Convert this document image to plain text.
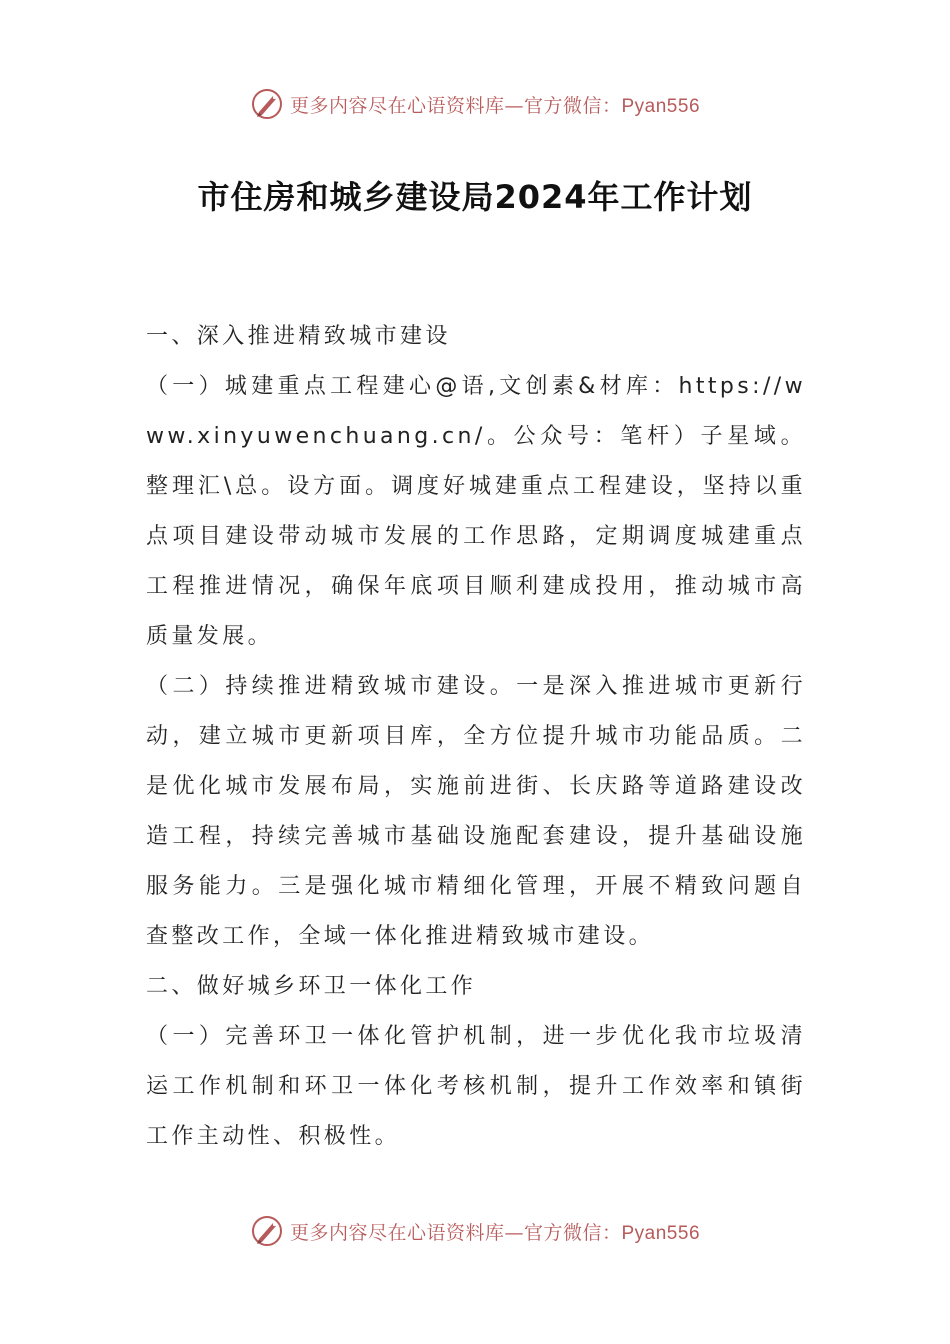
更多内容尽在心语资料库—官方微信：Pyan556
市住房和城乡建设局2024年工作计划

一、深入推进精致城市建设

（一）城建重点工程建心@语,文创素&材库：https://www.xinyuwenchuang.cn/。公众号：笔杆）子星域。整理汇\总。设方面。调度好城建重点工程建设，坚持以重点项目建设带动城市发展的工作思路，定期调度城建重点工程推进情况，确保年底项目顺利建成投用，推动城市高质量发展。

（二）持续推进精致城市建设。一是深入推进城市更新行动，建立城市更新项目库，全方位提升城市功能品质。二是优化城市发展布局，实施前进街、长庆路等道路建设改造工程，持续完善城市基础设施配套建设，提升基础设施服务能力。三是强化城市精细化管理，开展不精致问题自查整改工作，全域一体化推进精致城市建设。

二、做好城乡环卫一体化工作

（一）完善环卫一体化管护机制，进一步优化我市垃圾清运工作机制和环卫一体化考核机制，提升工作效率和镇街工作主动性、积极性。

更多内容尽在心语资料库—官方微信：Pyan556
